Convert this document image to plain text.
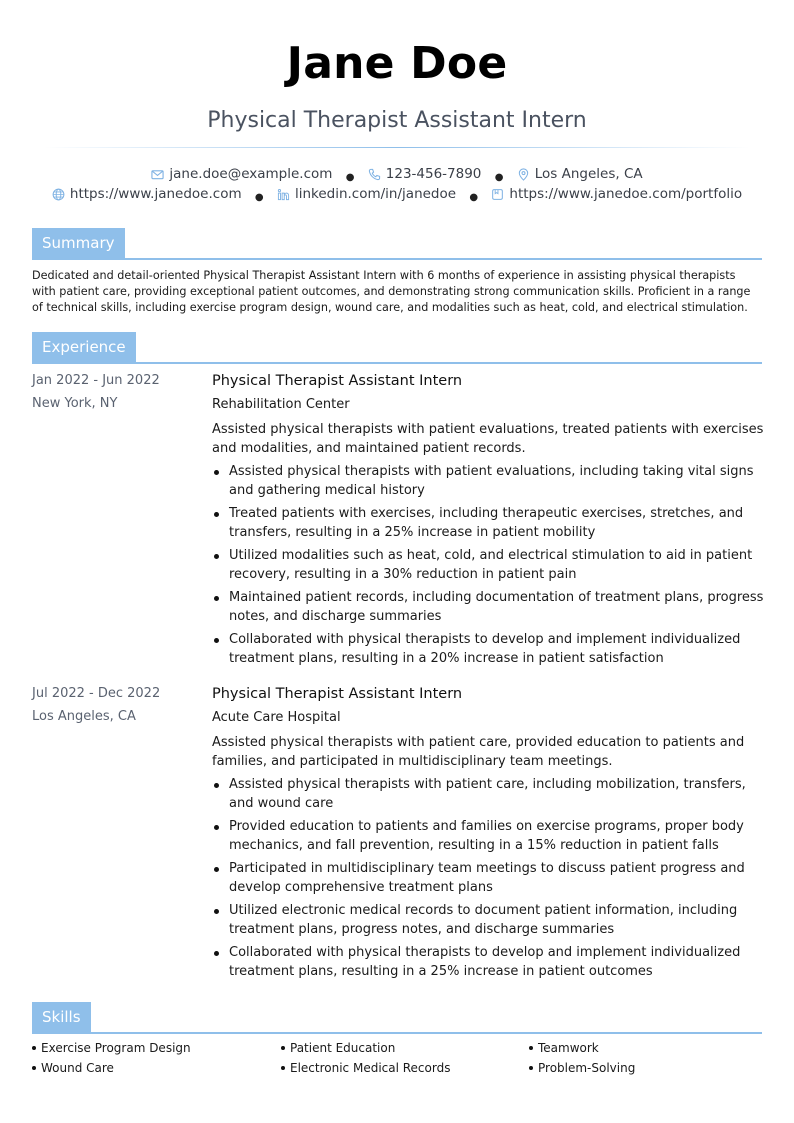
Jane Doe
Physical Therapist Assistant Intern
jane.doe@example.com ● 123-456-7890 ● Los Angeles, CA
https://www.janedoe.com ● linkedin.com/in/janedoe ● https://www.janedoe.com/portfolio
Summary
Dedicated and detail-oriented Physical Therapist Assistant Intern with 6 months of experience in assisting physical therapists with patient care, providing exceptional patient outcomes, and demonstrating strong communication skills. Proficient in a range of technical skills, including exercise program design, wound care, and modalities such as heat, cold, and electrical stimulation.
Experience
Jan 2022 - Jun 2022
New York, NY
Physical Therapist Assistant Intern
Rehabilitation Center
Assisted physical therapists with patient evaluations, treated patients with exercises and modalities, and maintained patient records.
Assisted physical therapists with patient evaluations, including taking vital signs and gathering medical history
Treated patients with exercises, including therapeutic exercises, stretches, and transfers, resulting in a 25% increase in patient mobility
Utilized modalities such as heat, cold, and electrical stimulation to aid in patient recovery, resulting in a 30% reduction in patient pain
Maintained patient records, including documentation of treatment plans, progress notes, and discharge summaries
Collaborated with physical therapists to develop and implement individualized treatment plans, resulting in a 20% increase in patient satisfaction
Jul 2022 - Dec 2022
Los Angeles, CA
Physical Therapist Assistant Intern
Acute Care Hospital
Assisted physical therapists with patient care, provided education to patients and families, and participated in multidisciplinary team meetings.
Assisted physical therapists with patient care, including mobilization, transfers, and wound care
Provided education to patients and families on exercise programs, proper body mechanics, and fall prevention, resulting in a 15% reduction in patient falls
Participated in multidisciplinary team meetings to discuss patient progress and develop comprehensive treatment plans
Utilized electronic medical records to document patient information, including treatment plans, progress notes, and discharge summaries
Collaborated with physical therapists to develop and implement individualized treatment plans, resulting in a 25% increase in patient outcomes
Skills
Exercise Program Design	Patient Education	Teamwork
Wound Care	Electronic Medical Records	Problem-Solving
